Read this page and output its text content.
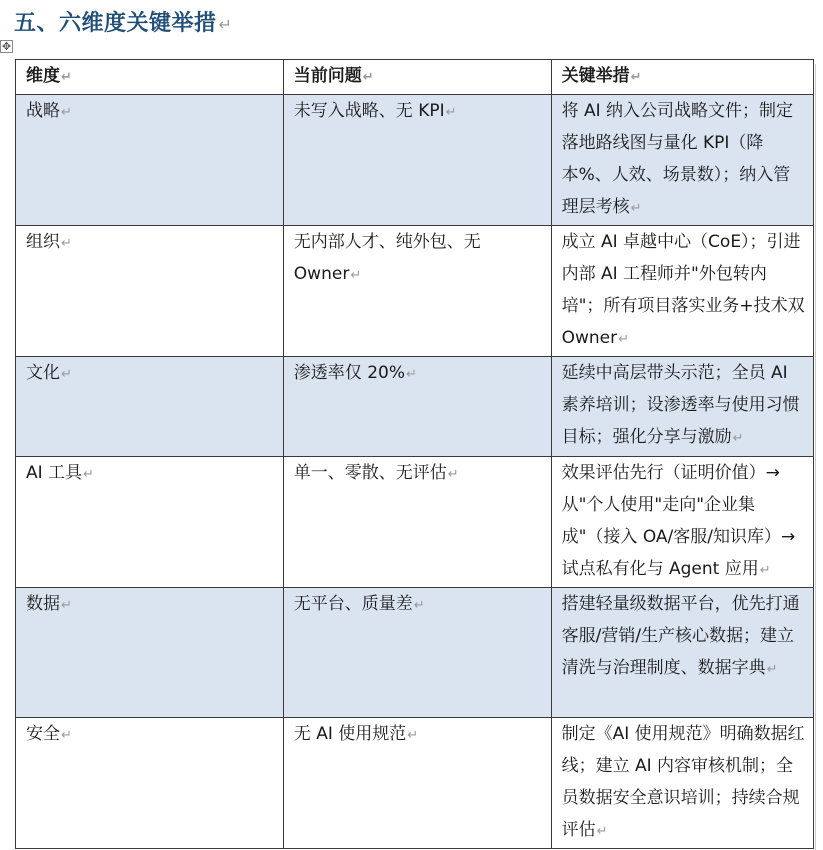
五、六维度关键举措 ↵
✥
维度↵	当前问题↵	关键举措↵
战略↵	未写入战略、无 KPI↵	将 AI 纳入公司战略文件；制定落地路线图与量化 KPI（降本%、人效、场景数）；纳入管理层考核↵
组织↵	无内部人才、纯外包、无 Owner↵	成立 AI 卓越中心（CoE）；引进内部 AI 工程师并"外包转内培"；所有项目落实业务+技术双 Owner↵
文化↵	渗透率仅 20%↵	延续中高层带头示范；全员 AI 素养培训；设渗透率与使用习惯目标；强化分享与激励↵
AI 工具↵	单一、零散、无评估↵	效果评估先行（证明价值）→ 从"个人使用"走向"企业集成"（接入 OA/客服/知识库）→ 试点私有化与 Agent 应用↵
数据↵	无平台、质量差↵	搭建轻量级数据平台，优先打通客服/营销/生产核心数据；建立清洗与治理制度、数据字典↵
安全↵	无 AI 使用规范↵	制定《AI 使用规范》明确数据红线；建立 AI 内容审核机制；全员数据安全意识培训；持续合规评估↵
